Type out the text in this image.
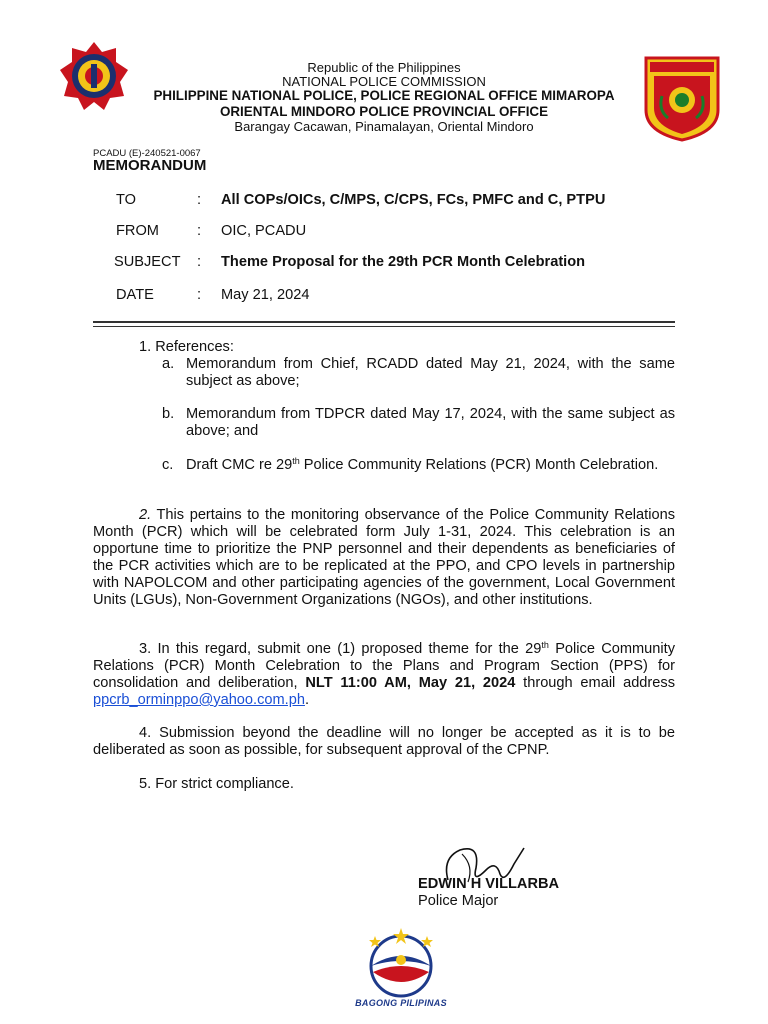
Republic of the Philippines
NATIONAL POLICE COMMISSION
PHILIPPINE NATIONAL POLICE, POLICE REGIONAL OFFICE MIMAROPA
ORIENTAL MINDORO POLICE PROVINCIAL OFFICE
Barangay Cacawan, Pinamalayan, Oriental Mindoro
PCADU (E)-240521-0067
MEMORANDUM
TO	: All COPs/OICs, C/MPS, C/CPS, FCs, PMFC and C, PTPU
FROM	: OIC, PCADU
SUBJECT : Theme Proposal for the 29th PCR Month Celebration
DATE	: May 21, 2024
1. References:
a. Memorandum from Chief, RCADD dated May 21, 2024, with the same subject as above;
b. Memorandum from TDPCR dated May 17, 2024, with the same subject as above; and
c. Draft CMC re 29th Police Community Relations (PCR) Month Celebration.
2. This pertains to the monitoring observance of the Police Community Relations Month (PCR) which will be celebrated form July 1-31, 2024. This celebration is an opportune time to prioritize the PNP personnel and their dependents as beneficiaries of the PCR activities which are to be replicated at the PPO, and CPO levels in partnership with NAPOLCOM and other participating agencies of the government, Local Government Units (LGUs), Non-Government Organizations (NGOs), and other institutions.
3. In this regard, submit one (1) proposed theme for the 29th Police Community Relations (PCR) Month Celebration to the Plans and Program Section (PPS) for consolidation and deliberation, NLT 11:00 AM, May 21, 2024 through email address ppcrb_orminppo@yahoo.com.ph.
4. Submission beyond the deadline will no longer be accepted as it is to be deliberated as soon as possible, for subsequent approval of the CPNP.
5. For strict compliance.
EDWIN H VILLARBA
Police Major
BAGONG PILIPINAS
